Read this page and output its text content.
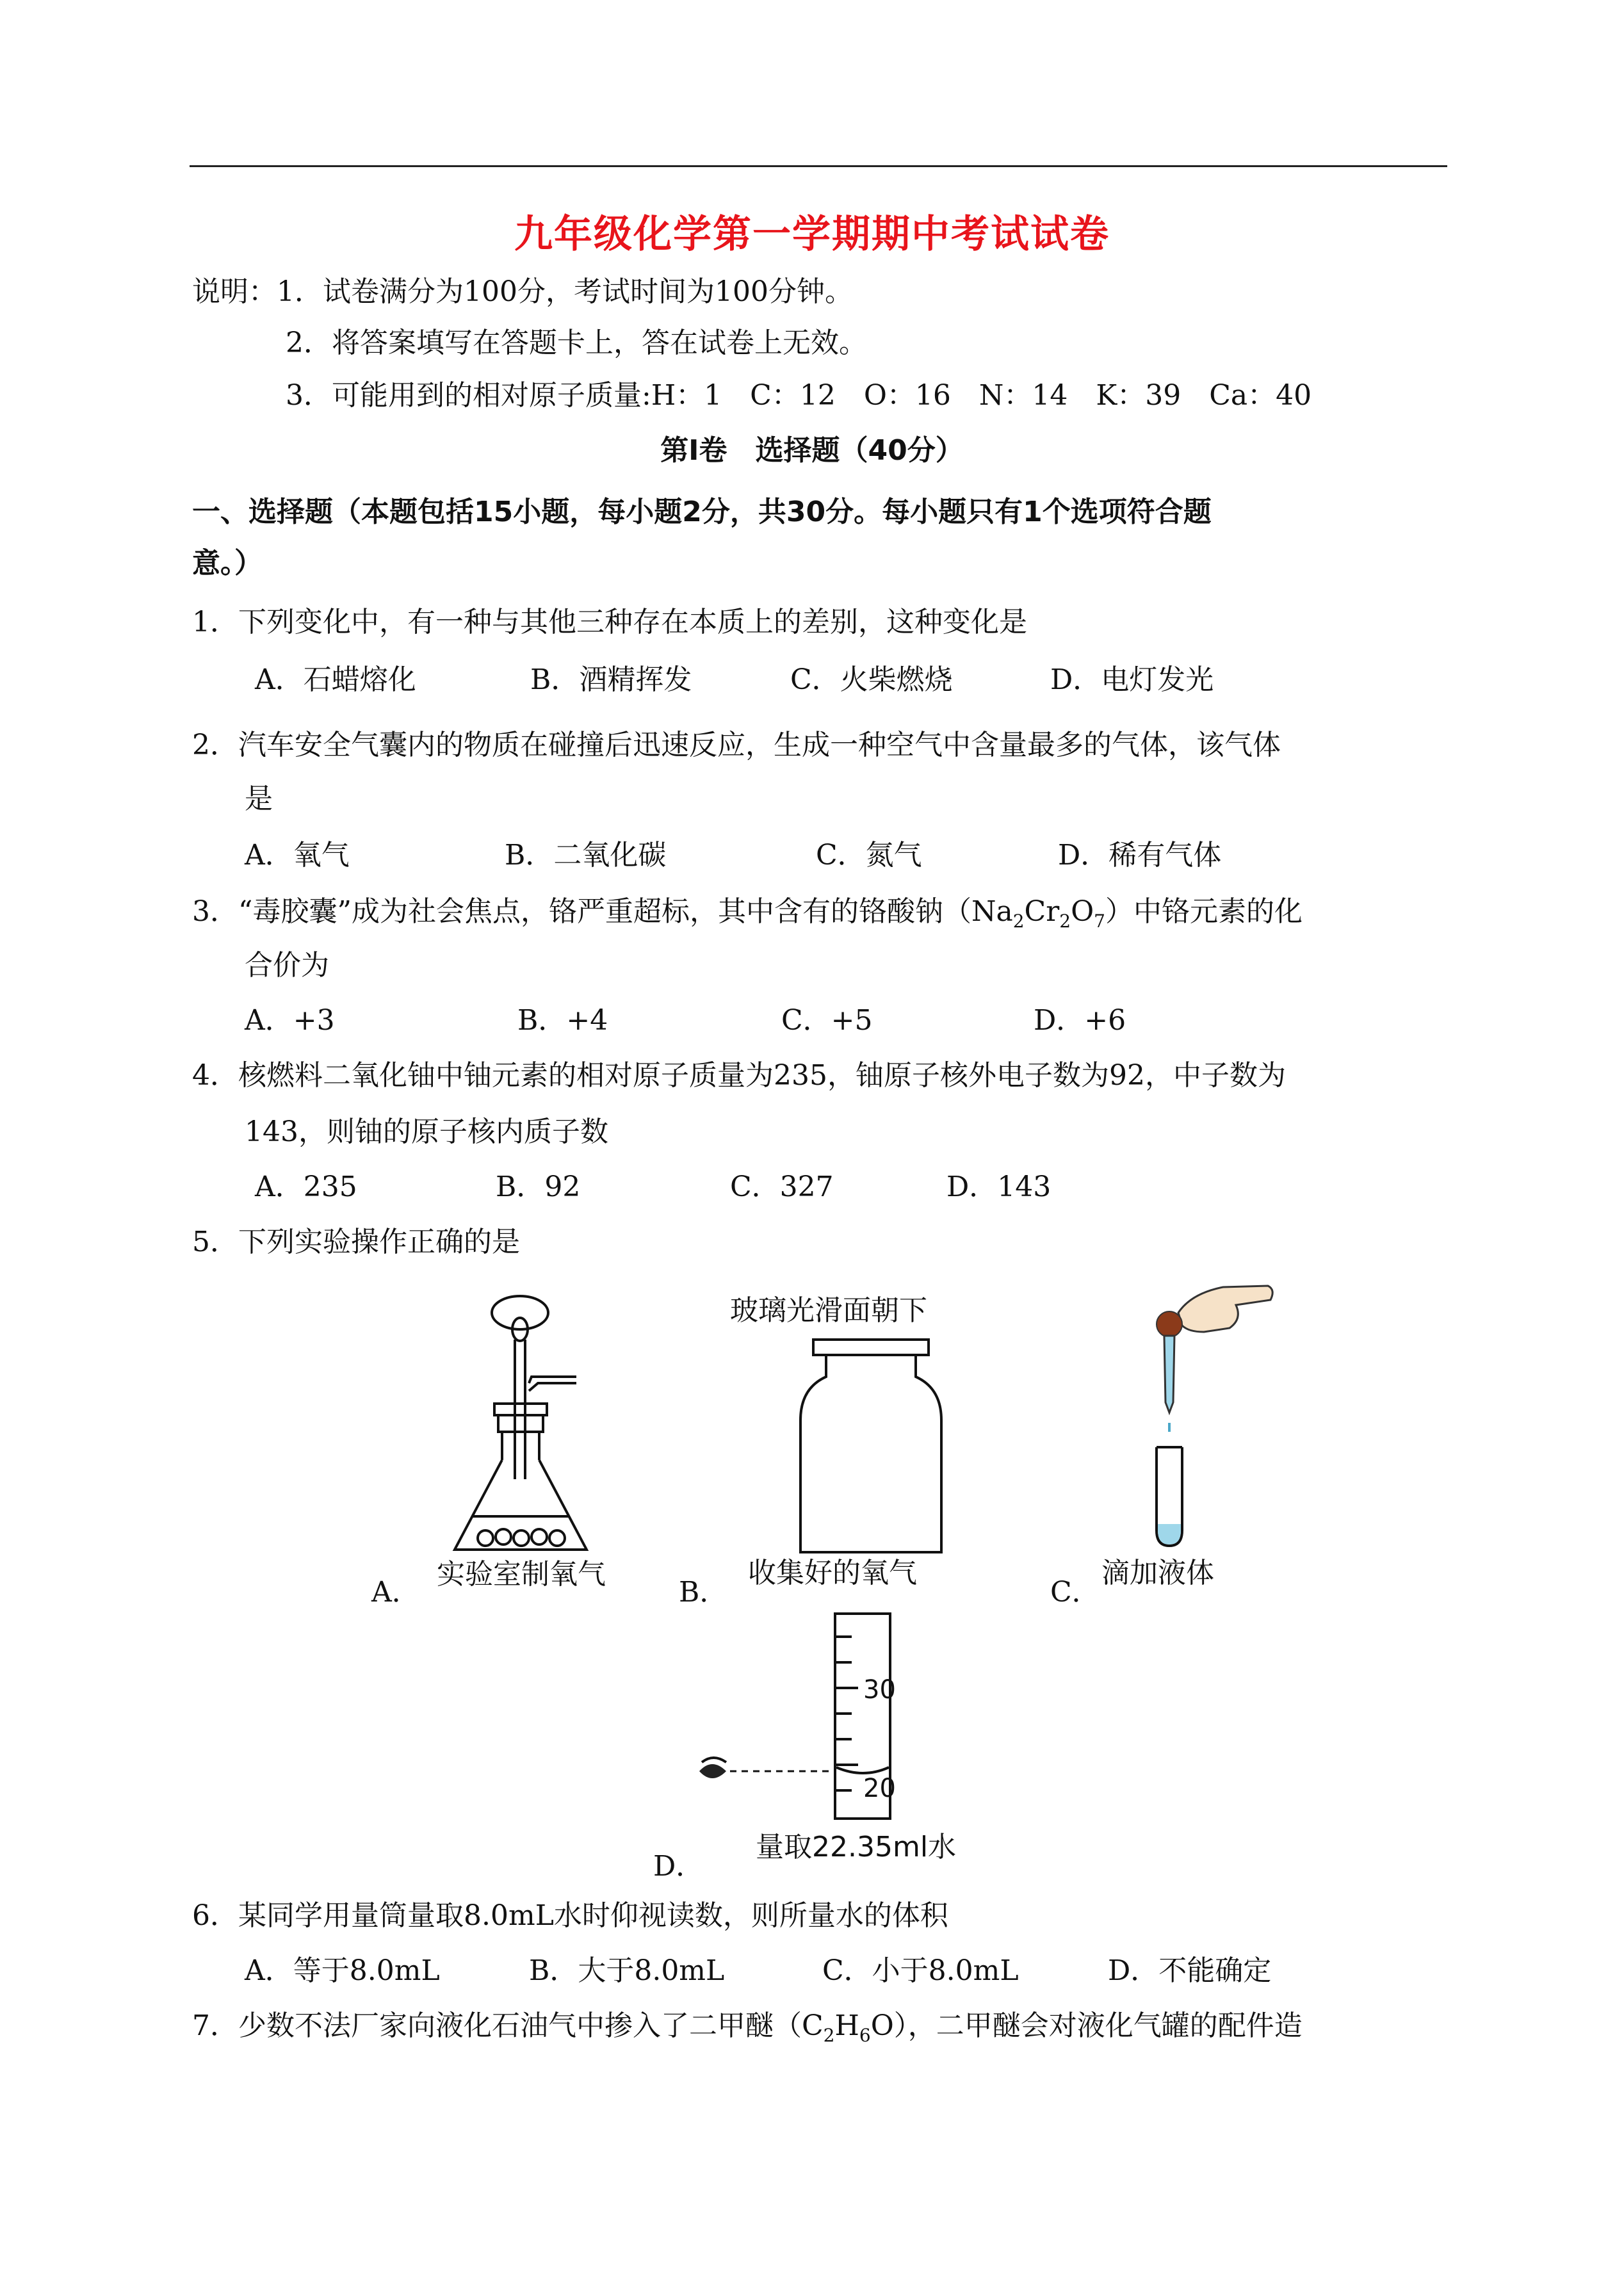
九年级化学第一学期期中考试试卷
说明：1．试卷满分为100分，考试时间为100分钟。
2．将答案填写在答题卡上，答在试卷上无效。
3．可能用到的相对原子质量:H：1　C：12　O：16　N：14　K：39　Ca：40
第Ⅰ卷　选择题（40分）
一、选择题（本题包括15小题，每小题2分，共30分。每小题只有1个选项符合题
意。）
1．下列变化中，有一种与其他三种存在本质上的差别，这种变化是
A．石蜡熔化	B．酒精挥发	C．火柴燃烧	D．电灯发光
2．汽车安全气囊内的物质在碰撞后迅速反应，生成一种空气中含量最多的气体，该气体
是
A．氧气	B．二氧化碳	C．氮气	D．稀有气体
3．“毒胶囊”成为社会焦点，铬严重超标，其中含有的铬酸钠$(Na_2Cr_2O_7)$中铬元素的化
合价为
A．+3	B．+4	C．+5	D．+6
4．核燃料二氧化铀中铀元素的相对原子质量为235，铀原子核外电子数为92，中子数为
143，则铀的原子核内质子数
A．235	B．92	C．327	D．143
5．下列实验操作正确的是
实验室制氧气
A．
玻璃光滑面朝下
收集好的氧气
B．
滴加液体
C．
30
20
量取22.35ml水
D．
6．某同学用量筒量取8.0mL水时仰视读数，则所量水的体积
A．等于8.0mL	B．大于8.0mL	C．小于8.0mL	D．不能确定
7．少数不法厂家向液化石油气中掺入了二甲醚$(C_2H_6O)$，二甲醚会对液化气罐的配件造
